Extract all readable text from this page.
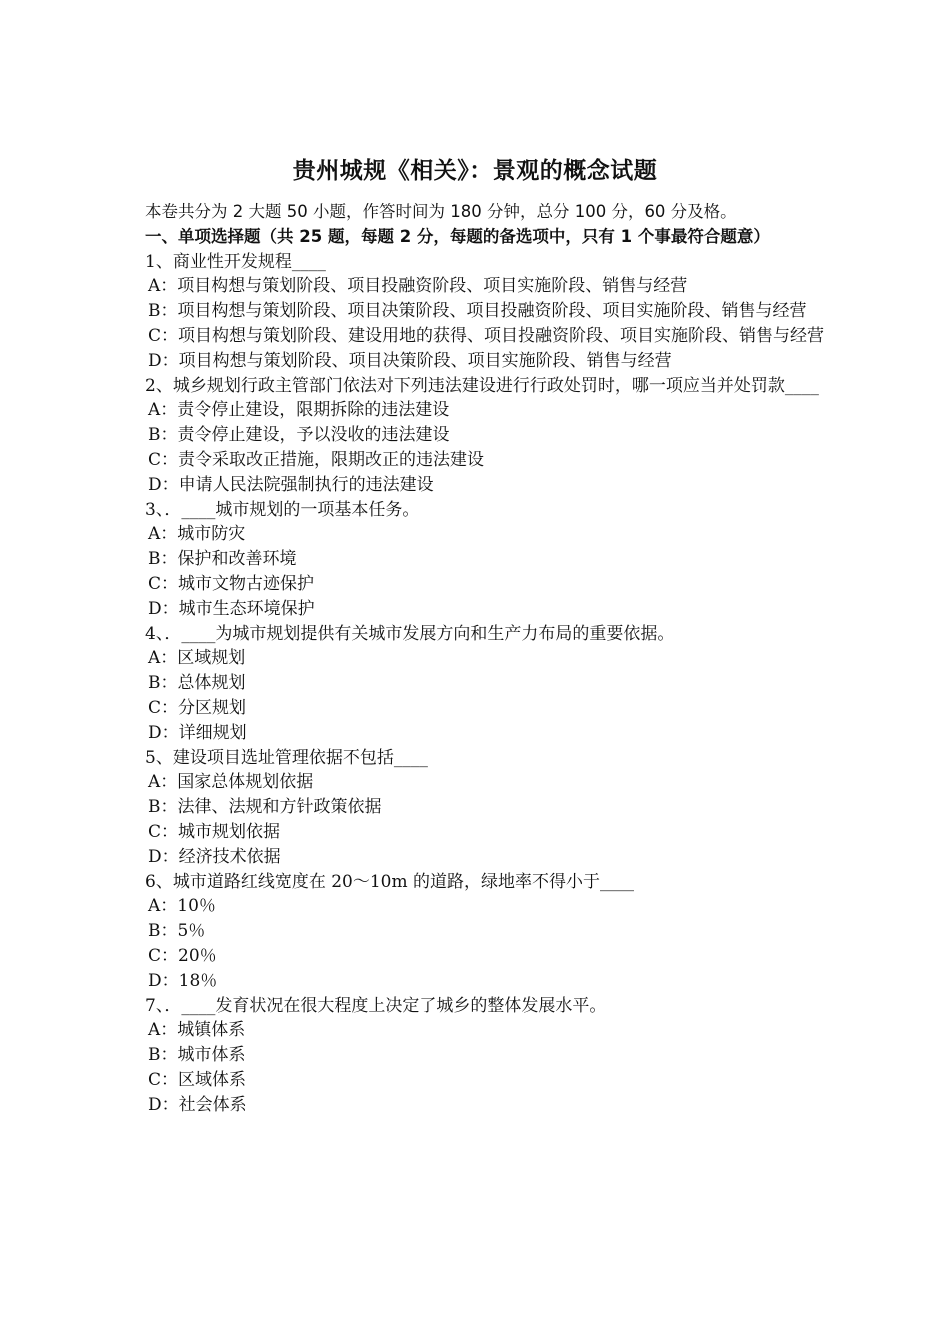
贵州城规《相关》：景观的概念试题
本卷共分为 2 大题 50 小题，作答时间为 180 分钟，总分 100 分，60 分及格。
一、单项选择题（共 25 题，每题 2 分，每题的备选项中，只有 1 个事最符合题意）

1、商业性开发规程____

A：项目构想与策划阶段、项目投融资阶段、项目实施阶段、销售与经营

B：项目构想与策划阶段、项目决策阶段、项目投融资阶段、项目实施阶段、销售与经营

C：项目构想与策划阶段、建设用地的获得、项目投融资阶段、项目实施阶段、销售与经营

D：项目构想与策划阶段、项目决策阶段、项目实施阶段、销售与经营

2、城乡规划行政主管部门依法对下列违法建设进行行政处罚时，哪一项应当并处罚款____

A：责令停止建设，限期拆除的违法建设

B：责令停止建设，予以没收的违法建设

C：责令采取改正措施，限期改正的违法建设

D：申请人民法院强制执行的违法建设

3、．____城市规划的一项基本任务。

A：城市防灾

B：保护和改善环境

C：城市文物古迹保护

D：城市生态环境保护

4、．____为城市规划提供有关城市发展方向和生产力布局的重要依据。

A：区域规划

B：总体规划

C：分区规划

D：详细规划

5、建设项目选址管理依据不包括____

A：国家总体规划依据

B：法律、法规和方针政策依据

C：城市规划依据

D：经济技术依据

6、城市道路红线宽度在 20～10m 的道路，绿地率不得小于____

A：10％

B：5％

C：20％

D：18％

7、．____发育状况在很大程度上决定了城乡的整体发展水平。

A：城镇体系

B：城市体系

C：区域体系

D：社会体系
